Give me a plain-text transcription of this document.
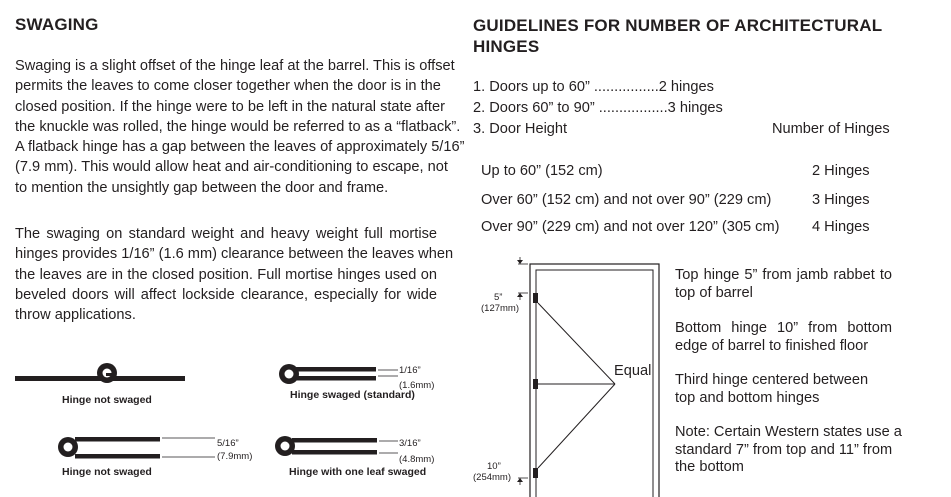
SWAGING
Swaging is a slight offset of the hinge leaf at the barrel. This is offset
permits the leaves to come closer together when the door is in the
closed position. If the hinge were to be left in the natural state after
the knuckle was rolled, the hinge would be referred to as a “flatback”.
A flatback hinge has a gap between the leaves of approximately 5/16”
(7.9 mm). This would allow heat and air-conditioning to escape, not
to mention the unsightly gap between the door and frame.
The swaging on standard weight and heavy weight full mortise
hinges provides 1/16” (1.6 mm) clearance between the leaves when
the leaves are in the closed position. Full mortise hinges used on
beveled doors will affect lockside clearance, especially for wide
throw applications.
Hinge not swaged	Hinge swaged (standard)
1/16”
(1.6mm)
Hinge not swaged
5/16”
(7.9mm)
Hinge with one leaf swaged
3/16”
(4.8mm)
GUIDELINES FOR NUMBER OF ARCHITECTURAL
HINGES
1. Doors up to 60” ................2 hinges
2. Doors 60” to 90” .................3 hinges
3. Door Height	Number of Hinges
Up to 60” (152 cm)	2 Hinges
Over 60” (152 cm) and not over 90” (229 cm)	3 Hinges
Over 90” (229 cm) and not over 120” (305 cm) 4 Hinges
5”
(127mm)
10”
(254mm)
Equal
Top hinge 5” from jamb rabbet to
top of barrel
Bottom hinge 10” from bottom
edge of barrel to finished floor
Third hinge centered between
top and bottom hinges
Note: Certain Western states use a
standard 7” from top and 11” from
the bottom
